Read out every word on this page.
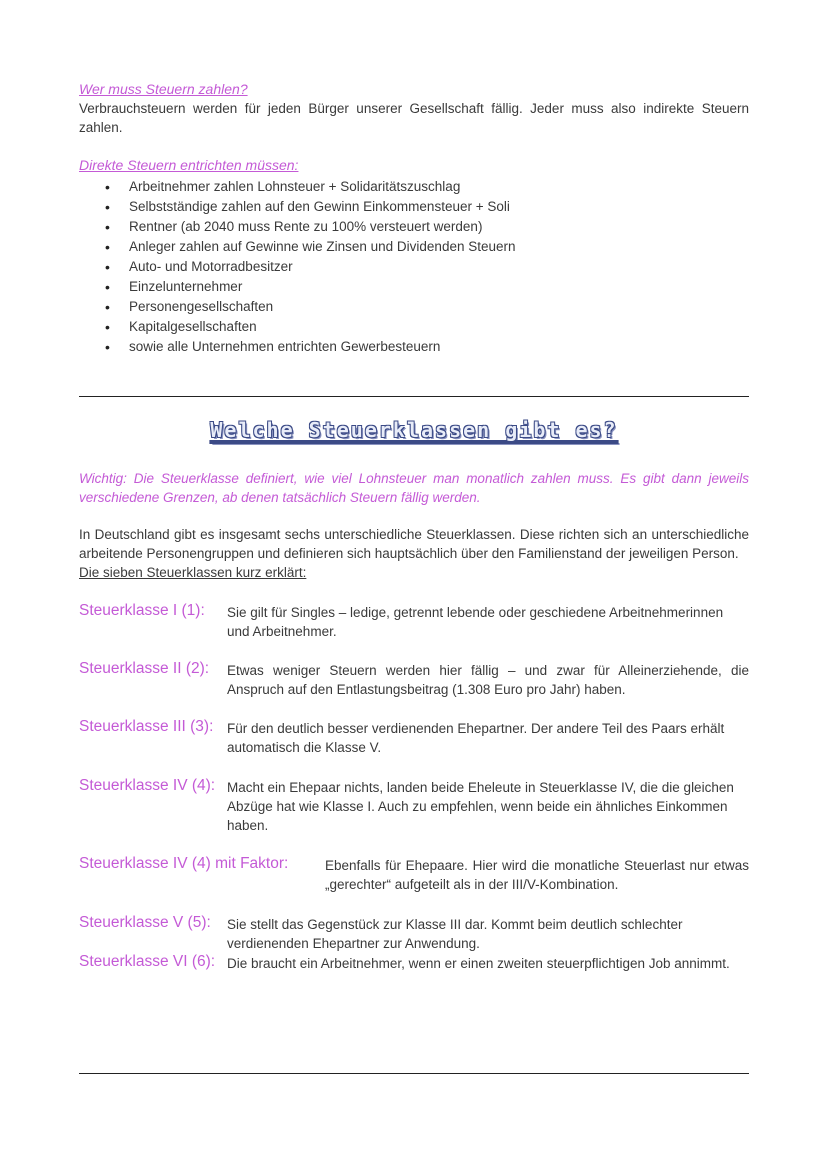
Wer muss Steuern zahlen?

Verbrauchsteuern werden für jeden Bürger unserer Gesellschaft fällig. Jeder muss also indirekte Steuern zahlen.

Direkte Steuern entrichten müssen:

• Arbeitnehmer zahlen Lohnsteuer + Solidaritätszuschlag
• Selbstständige zahlen auf den Gewinn Einkommensteuer + Soli
• Rentner (ab 2040 muss Rente zu 100% versteuert werden)
• Anleger zahlen auf Gewinne wie Zinsen und Dividenden Steuern
• Auto- und Motorradbesitzer
• Einzelunternehmer
• Personengesellschaften
• Kapitalgesellschaften
• sowie alle Unternehmen entrichten Gewerbesteuern
Welche Steuerklassen gibt es?

Wichtig: Die Steuerklasse definiert, wie viel Lohnsteuer man monatlich zahlen muss. Es gibt dann jeweils verschiedene Grenzen, ab denen tatsächlich Steuern fällig werden.

In Deutschland gibt es insgesamt sechs unterschiedliche Steuerklassen. Diese richten sich an unterschiedliche arbeitende Personengruppen und definieren sich hauptsächlich über den Familienstand der jeweiligen Person.

Die sieben Steuerklassen kurz erklärt:

Steuerklasse I (1): Sie gilt für Singles – ledige, getrennt lebende oder geschiedene Arbeitnehmerinnen und Arbeitnehmer.

Steuerklasse II (2): Etwas weniger Steuern werden hier fällig – und zwar für Alleinerziehende, die Anspruch auf den Entlastungsbeitrag (1.308 Euro pro Jahr) haben.

Steuerklasse III (3): Für den deutlich besser verdienenden Ehepartner. Der andere Teil des Paars erhält automatisch die Klasse V.

Steuerklasse IV (4): Macht ein Ehepaar nichts, landen beide Eheleute in Steuerklasse IV, die die gleichen Abzüge hat wie Klasse I. Auch zu empfehlen, wenn beide ein ähnliches Einkommen haben.

Steuerklasse IV (4) mit Faktor:	Ebenfalls für Ehepaare. Hier wird die monatliche Steuerlast nur etwas „gerechter“ aufgeteilt als in der III/V-Kombination.

Steuerklasse V (5): Sie stellt das Gegenstück zur Klasse III dar. Kommt beim deutlich schlechter verdienenden Ehepartner zur Anwendung.

Steuerklasse VI (6): Die braucht ein Arbeitnehmer, wenn er einen zweiten steuerpflichtigen Job annimmt.
